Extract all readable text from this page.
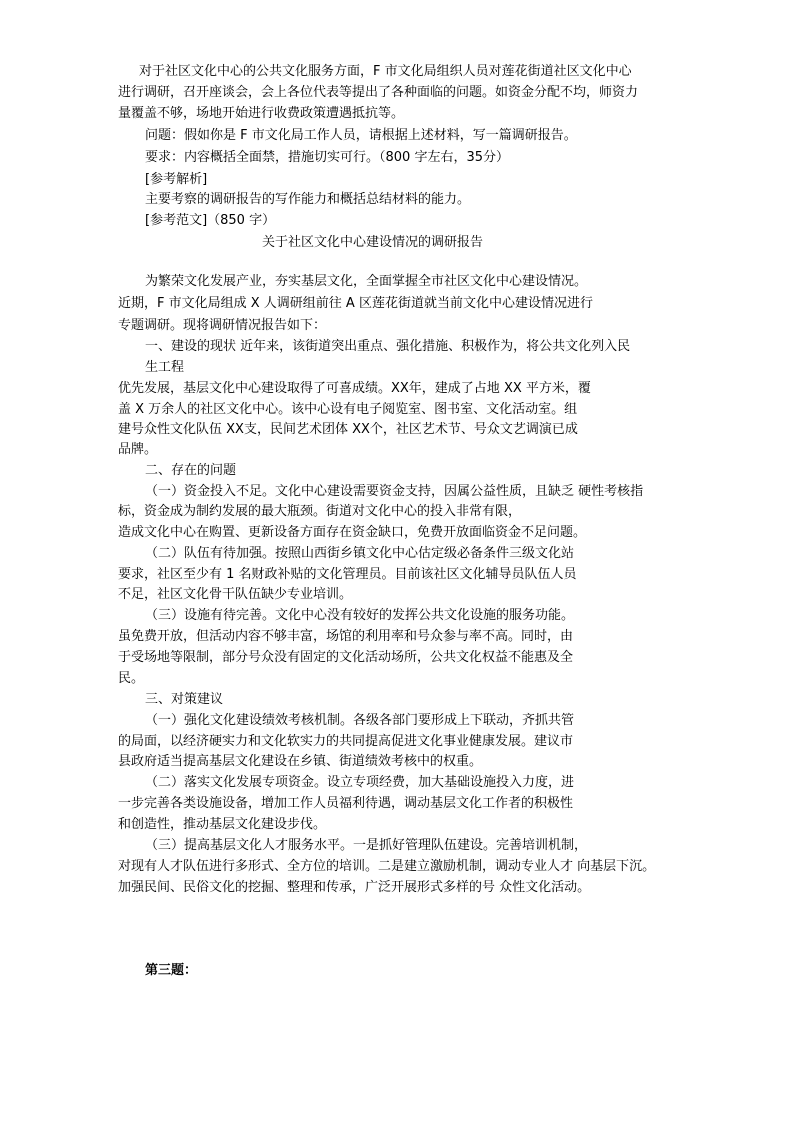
对于社区文化中心的公共文化服务方面，F 市文化局组织人员对莲花街道社区文化中心
进行调研，召开座谈会，会上各位代表等提出了各种面临的问题。如资金分配不均，师资力
量覆盖不够，场地开始进行收费政策遭遇抵抗等。
问题：假如你是 F 市文化局工作人员，请根据上述材料，写一篇调研报告。
要求：内容概括全面禁，措施切实可行。（800 字左右，35分）
[参考解析]
主要考察的调研报告的写作能力和概括总结材料的能力。
[参考范文]（850 字）
关于社区文化中心建设情况的调研报告
为繁荣文化发展产业，夯实基层文化，全面掌握全市社区文化中心建设情况。
近期，F 市文化局组成 X 人调研组前往 A 区莲花街道就当前文化中心建设情况进行
专题调研。现将调研情况报告如下：
一、建设的现状 近年来，该街道突出重点、强化措施、积极作为，将公共文化列入民
生工程
优先发展，基层文化中心建设取得了可喜成绩。XX年，建成了占地 XX 平方米，覆
盖 X 万余人的社区文化中心。该中心设有电子阅览室、图书室、文化活动室。组
建号众性文化队伍 XX支，民间艺术团体 XX个，社区艺术节、号众文艺调演已成
品牌。
二、存在的问题
（一）资金投入不足。文化中心建设需要资金支持，因属公益性质，且缺乏 硬性考核指
标，资金成为制约发展的最大瓶颈。街道对文化中心的投入非常有限，
造成文化中心在购置、更新设备方面存在资金缺口，免费开放面临资金不足问题。
（二）队伍有待加强。按照山西街乡镇文化中心估定级必备条件三级文化站
要求，社区至少有 1 名财政补贴的文化管理员。目前该社区文化辅导员队伍人员
不足，社区文化骨干队伍缺少专业培训。
（三）设施有待完善。文化中心没有较好的发挥公共文化设施的服务功能。
虽免费开放，但活动内容不够丰富，场馆的利用率和号众参与率不高。同时，由
于受场地等限制，部分号众没有固定的文化活动场所，公共文化权益不能惠及全
民。
三、对策建议
（一）强化文化建设绩效考核机制。各级各部门要形成上下联动，齐抓共管
的局面，以经济硬实力和文化软实力的共同提高促进文化事业健康发展。建议市
县政府适当提高基层文化建设在乡镇、街道绩效考核中的权重。
（二）落实文化发展专项资金。设立专项经费，加大基础设施投入力度，进
一步完善各类设施设备，增加工作人员福利待遇，调动基层文化工作者的积极性
和创造性，推动基层文化建设步伐。
（三）提高基层文化人才服务水平。一是抓好管理队伍建设。完善培训机制，
对现有人才队伍进行多形式、全方位的培训。二是建立激励机制，调动专业人才 向基层下沉。
加强民间、民俗文化的挖掘、整理和传承，广泛开展形式多样的号 众性文化活动。
第三题：
